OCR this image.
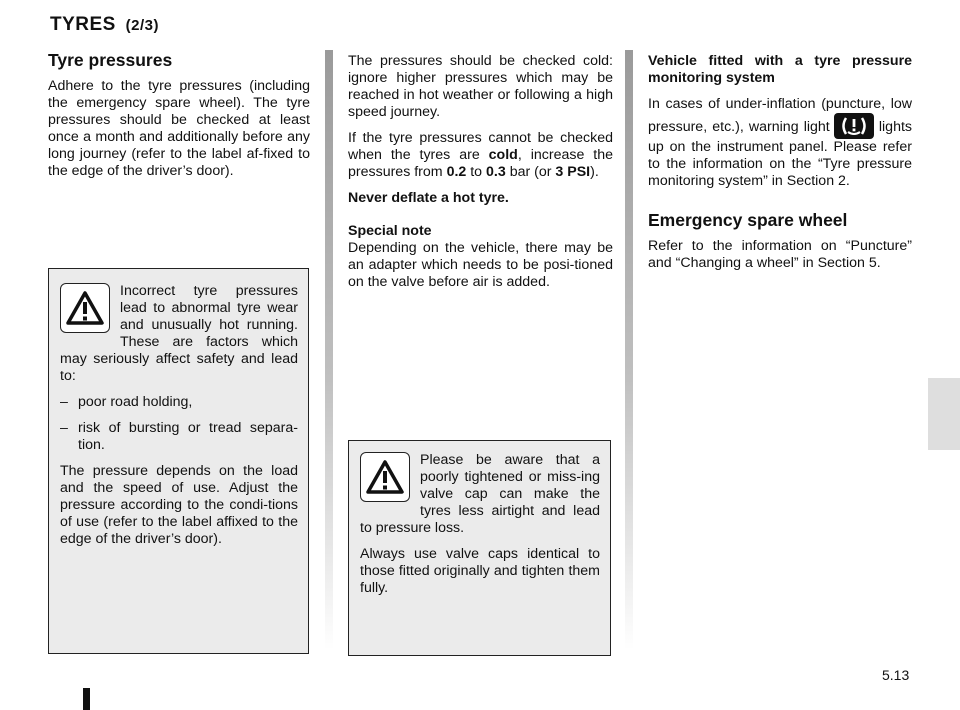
TYRES (2/3)
Tyre pressures

Adhere to the tyre pressures (including the emergency spare wheel). The tyre pressures should be checked at least once a month and additionally before any long journey (refer to the label af-fixed to the edge of the driver’s door).

Incorrect tyre pressures lead to abnormal tyre wear and unusually hot running. These are factors which may seriously affect safety and lead to:

– poor road holding,
– risk of bursting or tread separa-tion.

The pressure depends on the load and the speed of use. Adjust the pressure according to the condi-tions of use (refer to the label affixed to the edge of the driver’s door).

The pressures should be checked cold: ignore higher pressures which may be reached in hot weather or following a high speed journey.

If the tyre pressures cannot be checked when the tyres are cold, increase the pressures from 0.2 to 0.3 bar (or 3 PSI).

Never deflate a hot tyre.

Special note

Depending on the vehicle, there may be an adapter which needs to be posi-tioned on the valve before air is added.

Please be aware that a poorly tightened or miss-ing valve cap can make the tyres less airtight and lead to pressure loss.

Always use valve caps identical to those fitted originally and tighten them fully.

Vehicle fitted with a tyre pressure monitoring system

In cases of under-inflation (puncture, low pressure, etc.), warning light	lights up on the instrument panel. Please refer to the information on the “Tyre pressure monitoring system” in Section 2.

Emergency spare wheel

Refer to the information on “Puncture” and “Changing a wheel” in Section 5.

5.13
